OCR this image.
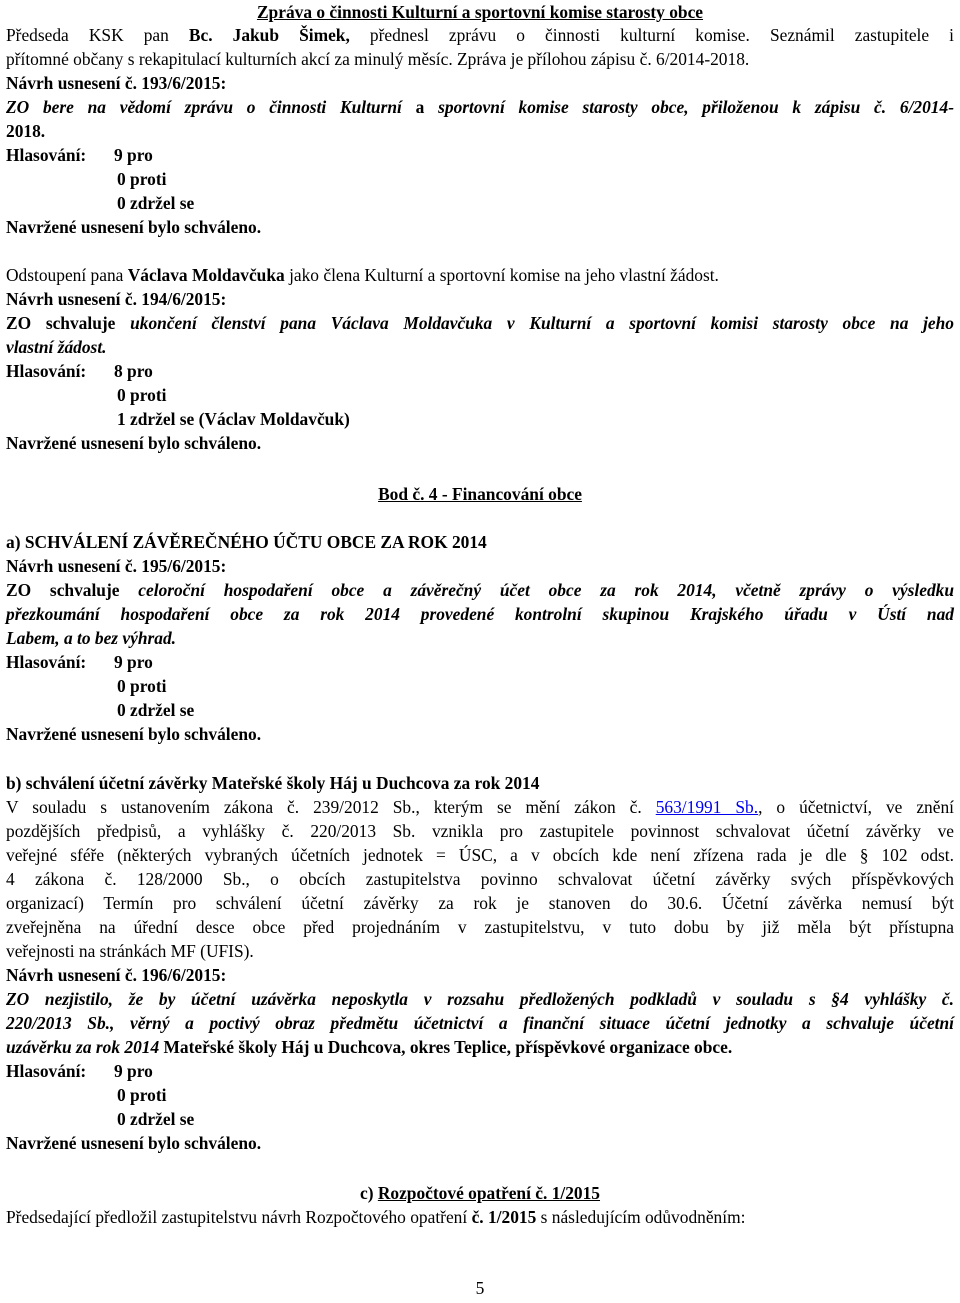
Zpráva o činnosti Kulturní a sportovní komise starosty obce
Předseda KSK pan Bc. Jakub Šimek, přednesl zprávu o činnosti kulturní komise. Seznámil zastupitele i
přítomné občany s rekapitulací kulturních akcí za minulý měsíc. Zpráva je přílohou zápisu č. 6/2014-2018.
Návrh usnesení č. 193/6/2015:
ZO bere na vědomí zprávu o činnosti Kulturní a sportovní komise starosty obce, přiloženou k zápisu č. 6/2014-
2018.
Hlasování: 9 pro
0 proti
0 zdržel se
Navržené usnesení bylo schváleno.
Odstoupení pana Václava Moldavčuka jako člena Kulturní a sportovní komise na jeho vlastní žádost.
Návrh usnesení č. 194/6/2015:
ZO schvaluje ukončení členství pana Václava Moldavčuka v Kulturní a sportovní komisi starosty obce na jeho
vlastní žádost.
Hlasování: 8 pro
0 proti
1 zdržel se (Václav Moldavčuk)
Navržené usnesení bylo schváleno.
Bod č. 4 - Financování obce
a) SCHVÁLENÍ ZÁVĚREČNÉHO ÚČTU OBCE ZA ROK 2014
Návrh usnesení č. 195/6/2015:
ZO schvaluje celoroční hospodaření obce a závěrečný účet obce za rok 2014, včetně zprávy o výsledku
přezkoumání hospodaření obce za rok 2014 provedené kontrolní skupinou Krajského úřadu v Ústí nad
Labem, a to bez výhrad.
Hlasování: 9 pro
0 proti
0 zdržel se
Navržené usnesení bylo schváleno.
b) schválení účetní závěrky Mateřské školy Háj u Duchcova za rok 2014
V souladu s ustanovením zákona č. 239/2012 Sb., kterým se mění zákon č. 563/1991 Sb., o účetnictví, ve znění
pozdějších předpisů, a vyhlášky č. 220/2013 Sb. vznikla pro zastupitele povinnost schvalovat účetní závěrky ve
veřejné sféře (některých vybraných účetních jednotek = ÚSC, a v obcích kde není zřízena rada je dle § 102 odst.
4 zákona č. 128/2000 Sb., o obcích zastupitelstva povinno schvalovat účetní závěrky svých příspěvkových
organizací) Termín pro schválení účetní závěrky za rok je stanoven do 30.6. Účetní závěrka nemusí být
zveřejněna na úřední desce obce před projednáním v zastupitelstvu, v tuto dobu by již měla být přístupna
veřejnosti na stránkách MF (UFIS).
Návrh usnesení č. 196/6/2015:
ZO nezjistilo, že by účetní uzávěrka neposkytla v rozsahu předložených podkladů v souladu s §4 vyhlášky č.
220/2013 Sb., věrný a poctivý obraz předmětu účetnictví a finanční situace účetní jednotky a schvaluje účetní
uzávěrku za rok 2014 Mateřské školy Háj u Duchcova, okres Teplice, příspěvkové organizace obce.
Hlasování: 9 pro
0 proti
0 zdržel se
Navržené usnesení bylo schváleno.
c) Rozpočtové opatření č. 1/2015
Předsedající předložil zastupitelstvu návrh Rozpočtového opatření č. 1/2015 s následujícím odůvodněním:
5
